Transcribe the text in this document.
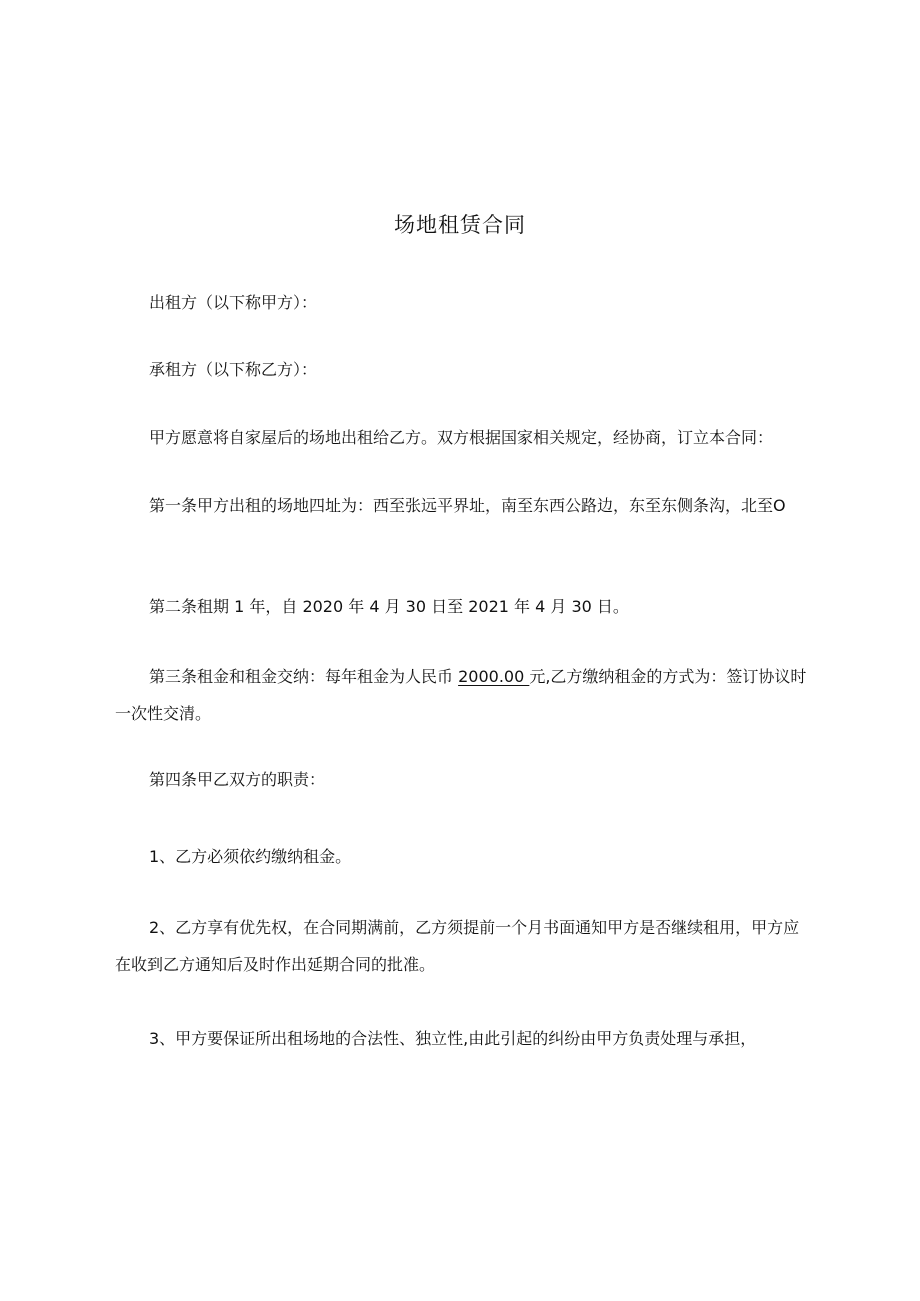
场地租赁合同
出租方（以下称甲方）：
承租方（以下称乙方）：
甲方愿意将自家屋后的场地出租给乙方。双方根据国家相关规定，经协商，订立本合同：
第一条甲方出租的场地四址为：西至张远平界址，南至东西公路边，东至东侧条沟，北至O
第二条租期 1 年，自 2020 年 4 月 30 日至 2021 年 4 月 30 日。
第三条租金和租金交纳：每年租金为人民币 2000.00 元,乙方缴纳租金的方式为：签订协议时一次性交清。
第四条甲乙双方的职责：
1、乙方必须依约缴纳租金。
2、乙方享有优先权，在合同期满前，乙方须提前一个月书面通知甲方是否继续租用，甲方应在收到乙方通知后及时作出延期合同的批准。
3、甲方要保证所出租场地的合法性、独立性,由此引起的纠纷由甲方负责处理与承担，
